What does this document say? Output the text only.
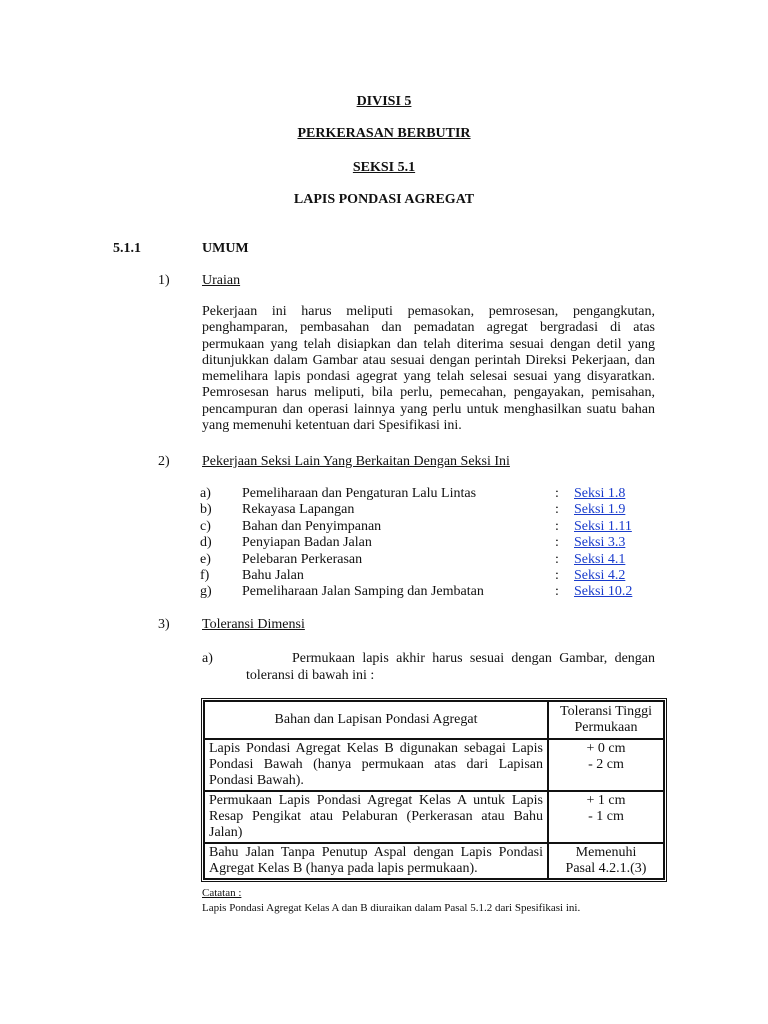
DIVISI 5
PERKERASAN BERBUTIR
SEKSI 5.1
LAPIS PONDASI AGREGAT
5.1.1	UMUM
1) Uraian
Pekerjaan ini harus meliputi pemasokan, pemrosesan, pengangkutan, penghamparan, pembasahan dan pemadatan agregat bergradasi di atas permukaan yang telah disiapkan dan telah diterima sesuai dengan detil yang ditunjukkan dalam Gambar atau sesuai dengan perintah Direksi Pekerjaan, dan memelihara lapis pondasi agegrat yang telah selesai sesuai yang disyaratkan. Pemrosesan harus meliputi, bila perlu, pemecahan, pengayakan, pemisahan, pencampuran dan operasi lainnya yang perlu untuk menghasilkan suatu bahan yang memenuhi ketentuan dari Spesifikasi ini.
2) Pekerjaan Seksi Lain Yang Berkaitan Dengan Seksi Ini
a) Pemeliharaan dan Pengaturan Lalu Lintas	: Seksi 1.8
b) Rekayasa Lapangan	: Seksi 1.9
c) Bahan dan Penyimpanan	: Seksi 1.11
d) Penyiapan Badan Jalan	: Seksi 3.3
e) Pelebaran Perkerasan	: Seksi 4.1
f) Bahu Jalan	: Seksi 4.2
g) Pemeliharaan Jalan Samping dan Jembatan	: Seksi 10.2
3) Toleransi Dimensi
a)	Permukaan lapis akhir harus sesuai dengan Gambar, dengan
toleransi di bawah ini :
Bahan dan Lapisan Pondasi Agregat	Toleransi Tinggi
Permukaan

Lapis Pondasi Agregat Kelas B digunakan sebagai Lapis Pondasi Bawah (hanya permukaan atas dari Lapisan Pondasi Bawah).	+ 0 cm
- 2 cm

Permukaan Lapis Pondasi Agregat Kelas A untuk Lapis Resap Pengikat atau Pelaburan (Perkerasan atau Bahu Jalan)	+ 1 cm
- 1 cm

Bahu Jalan Tanpa Penutup Aspal dengan Lapis Pondasi Agregat Kelas B (hanya pada lapis permukaan).	Memenuhi
Pasal 4.2.1.(3)
Catatan :
Lapis Pondasi Agregat Kelas A dan B diuraikan dalam Pasal 5.1.2 dari Spesifikasi ini.
